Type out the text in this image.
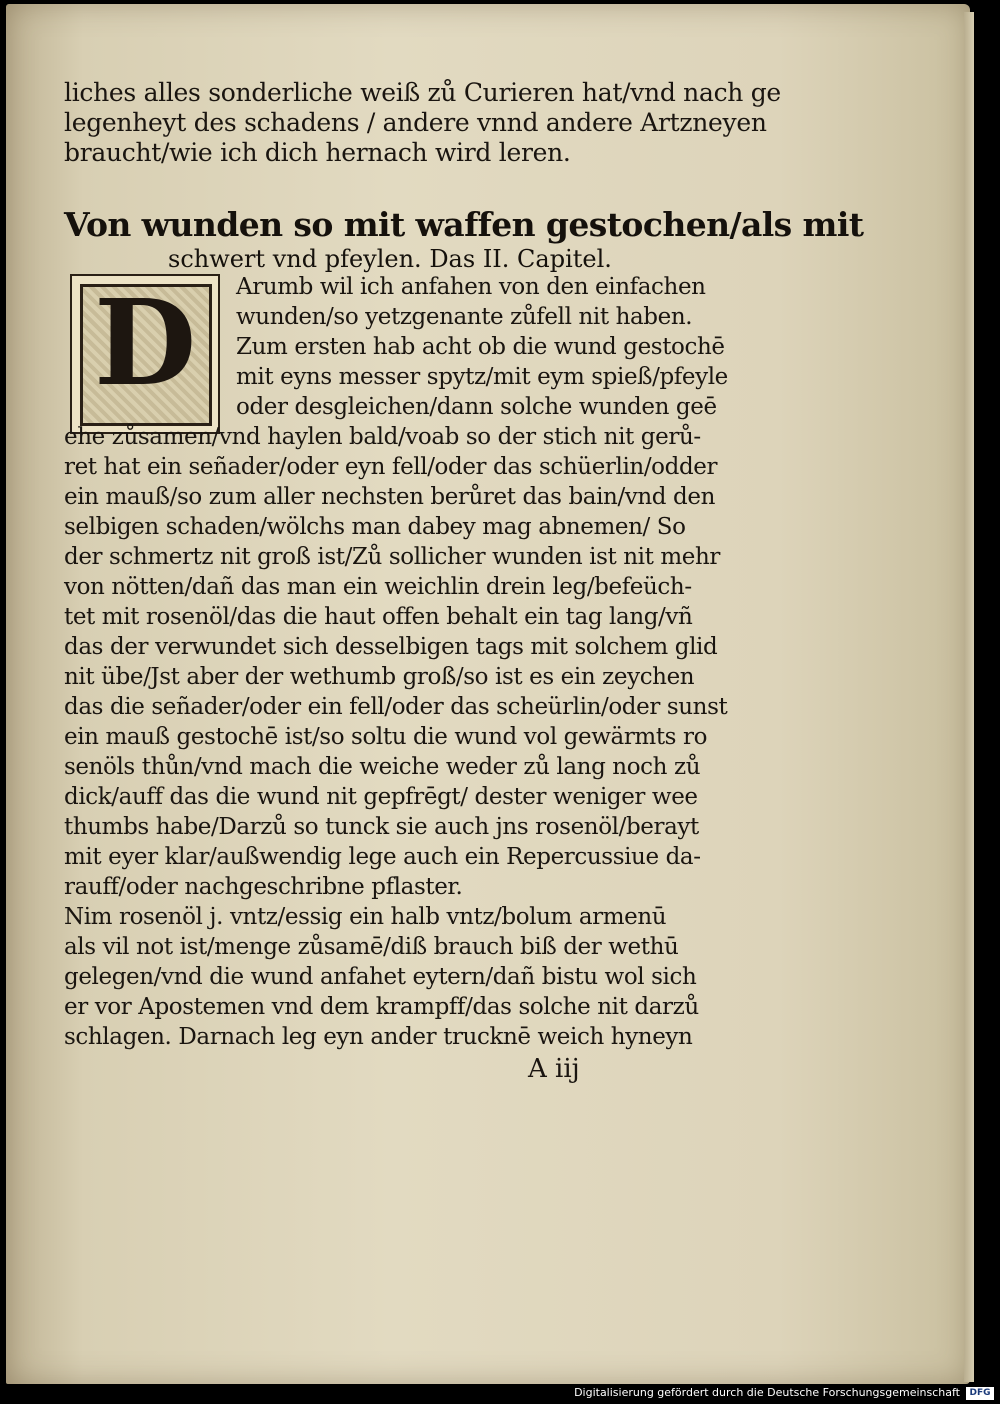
liches alles sonderliche weiß zů Curieren hat/vnd nach ge
legenheyt des schadens / andere vnnd andere Artzneyen
braucht/wie ich dich hernach wird leren.
Von wunden so mit waffen gestochen/als mit
schwert vnd pfeylen. Das II. Capitel.
D Arumb wil ich anfahen von den einfachen
wunden/so yetzgenante zůfell nit haben.
Zum ersten hab acht ob die wund gestochē
mit eyns messer spytz/mit eym spieß/pfeyle
oder desgleichen/dann solche wunden geē
ehe zůsamen/vnd haylen bald/voab so der stich nit gerů-
ret hat ein señader/oder eyn fell/oder das schüerlin/odder
ein mauß/so zum aller nechsten berůret das bain/vnd den
selbigen schaden/wölchs man dabey mag abnemen/ So
der schmertz nit groß ist/Zů sollicher wunden ist nit mehr
von nötten/dañ das man ein weichlin drein leg/befeüch-
tet mit rosenöl/das die haut offen behalt ein tag lang/vñ
das der verwundet sich desselbigen tags mit solchem glid
nit übe/Jst aber der wethumb groß/so ist es ein zeychen
das die señader/oder ein fell/oder das scheürlin/oder sunst
ein mauß gestochē ist/so soltu die wund vol gewärmts ro
senöls thůn/vnd mach die weiche weder zů lang noch zů
dick/auff das die wund nit gepfrēgt/ dester weniger wee
thumbs habe/Darzů so tunck sie auch jns rosenöl/berayt
mit eyer klar/außwendig lege auch ein Repercussiue da-
rauff/oder nachgeschribne pflaster.
Nim rosenöl j. vntz/essig ein halb vntz/bolum armenū
als vil not ist/menge zůsamē/diß brauch biß der wethū
gelegen/vnd die wund anfahet eytern/dañ bistu wol sich
er vor Apostemen vnd dem krampff/das solche nit darzů
schlagen. Darnach leg eyn ander trucknē weich hyneyn
A iij
Digitalisierung gefördert durch die Deutsche Forschungsgemeinschaft	DFG
